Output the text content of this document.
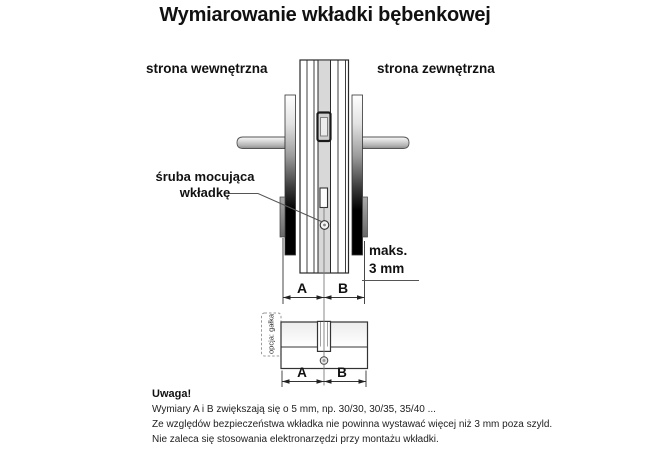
Wymiarowanie wkładki bębenkowej
strona wewnętrzna	strona zewnętrzna
śruba mocująca
wkładkę
maks.
3 mm
A B
opcja: gałka
A B
Uwaga!
Wymiary A i B zwiększają się o 5 mm, np. 30/30, 30/35, 35/40 ...
Ze względów bezpieczeństwa wkładka nie powinna wystawać więcej niż 3 mm poza szyld.
Nie zaleca się stosowania elektronarzędzi przy montażu wkładki.
